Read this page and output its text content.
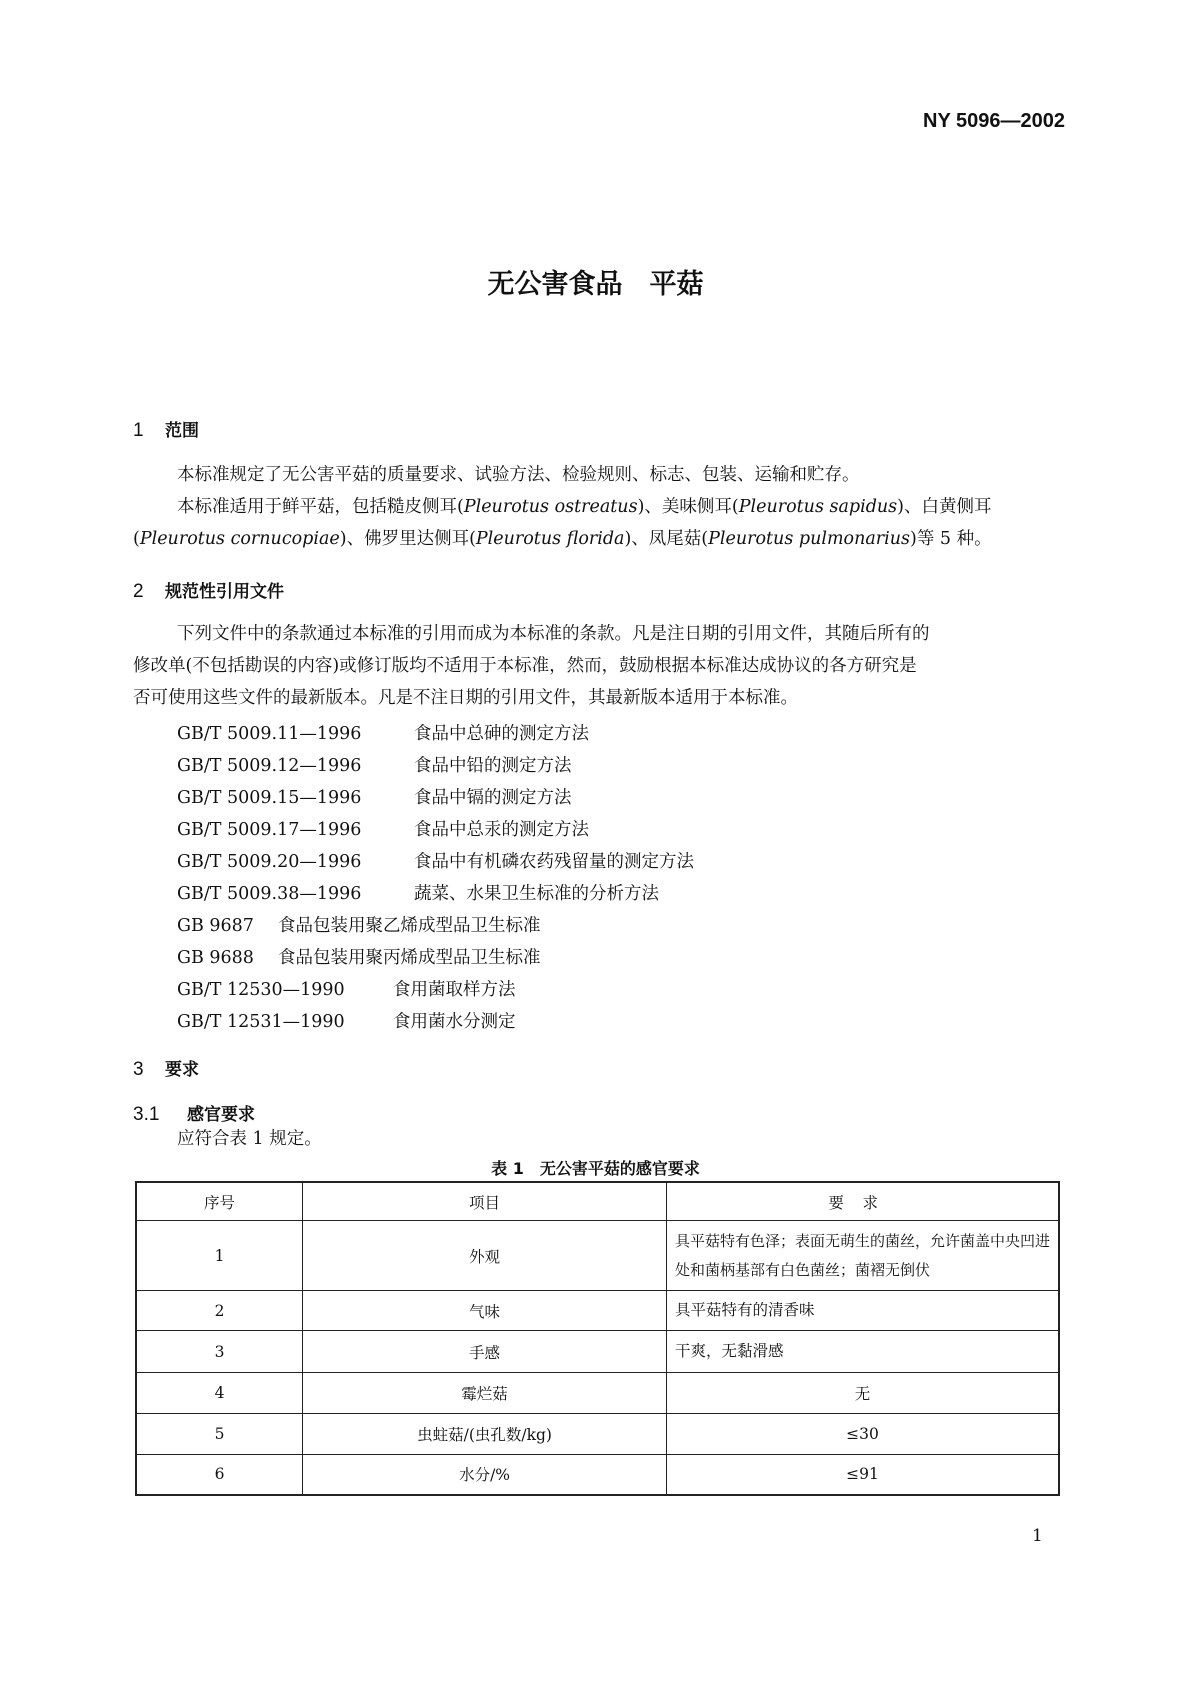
NY 5096—2002
无公害食品　平菇
1 范围
本标准规定了无公害平菇的质量要求、试验方法、检验规则、标志、包装、运输和贮存。
本标准适用于鲜平菇，包括糙皮侧耳(Pleurotus ostreatus)、美味侧耳(Pleurotus sapidus)、白黄侧耳
(Pleurotus cornucopiae)、佛罗里达侧耳(Pleurotus florida)、凤尾菇(Pleurotus pulmonarius)等 5 种。
2 规范性引用文件
下列文件中的条款通过本标准的引用而成为本标准的条款。凡是注日期的引用文件，其随后所有的
修改单(不包括勘误的内容)或修订版均不适用于本标准，然而，鼓励根据本标准达成协议的各方研究是
否可使用这些文件的最新版本。凡是不注日期的引用文件，其最新版本适用于本标准。
GB/T 5009.11—1996	食品中总砷的测定方法
GB/T 5009.12—1996	食品中铅的测定方法
GB/T 5009.15—1996	食品中镉的测定方法
GB/T 5009.17—1996	食品中总汞的测定方法
GB/T 5009.20—1996	食品中有机磷农药残留量的测定方法
GB/T 5009.38—1996	蔬菜、水果卫生标准的分析方法
GB 9687 食品包装用聚乙烯成型品卫生标准
GB 9688 食品包装用聚丙烯成型品卫生标准
GB/T 12530—1990	食用菌取样方法
GB/T 12531—1990	食用菌水分测定
3 要求
3.1 感官要求
应符合表 1 规定。
表 1　 无公害平菇的感官要求
序号	项目	要求
1	外观	具平菇特有色泽；表面无萌生的菌丝，允许菌盖中央凹进
处和菌柄基部有白色菌丝；菌褶无倒伏

2	气味	具平菇特有的清香味
3	手感	干爽，无黏滑感
4	霉烂菇	无
5	虫蛀菇/(虫孔数/kg)	≤30
6	水分/%	≤91
1
